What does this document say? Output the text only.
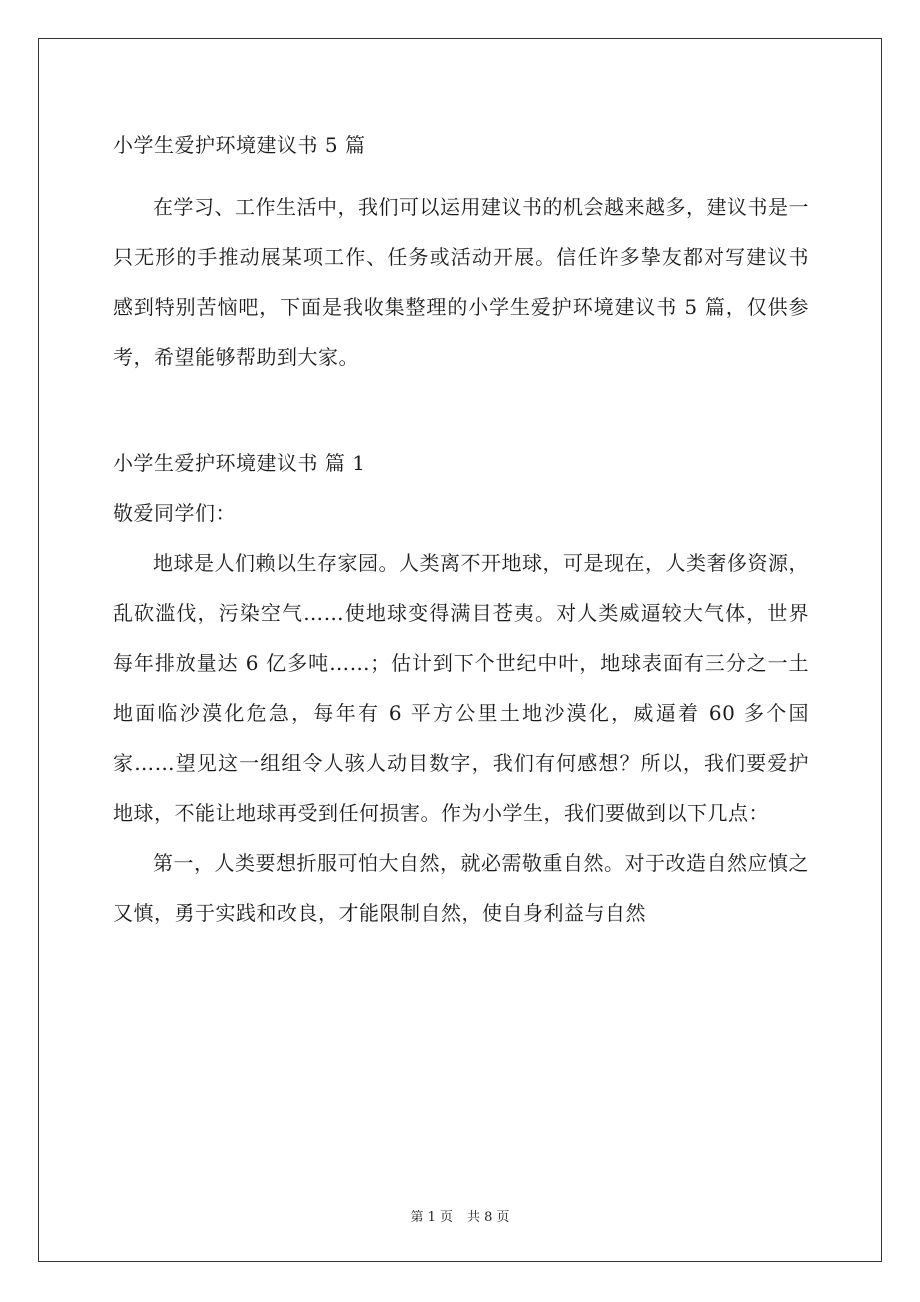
小学生爱护环境建议书 5 篇

在学习、工作生活中，我们可以运用建议书的机会越来越多，建议书是一只无形的手推动展某项工作、任务或活动开展。信任许多挚友都对写建议书感到特别苦恼吧，下面是我收集整理的小学生爱护环境建议书 5 篇，仅供参考，希望能够帮助到大家。

小学生爱护环境建议书 篇 1

敬爱同学们：

地球是人们赖以生存家园。人类离不开地球，可是现在，人类奢侈资源，乱砍滥伐，污染空气……使地球变得满目苍夷。对人类威逼较大气体，世界每年排放量达 6 亿多吨……；估计到下个世纪中叶，地球表面有三分之一土地面临沙漠化危急，每年有 6 平方公里土地沙漠化，威逼着 60 多个国家……望见这一组组令人骇人动目数字，我们有何感想？所以，我们要爱护地球，不能让地球再受到任何损害。作为小学生，我们要做到以下几点：

第一，人类要想折服可怕大自然，就必需敬重自然。对于改造自然应慎之又慎，勇于实践和改良，才能限制自然，使自身利益与自然

第 1 页 共 8 页
